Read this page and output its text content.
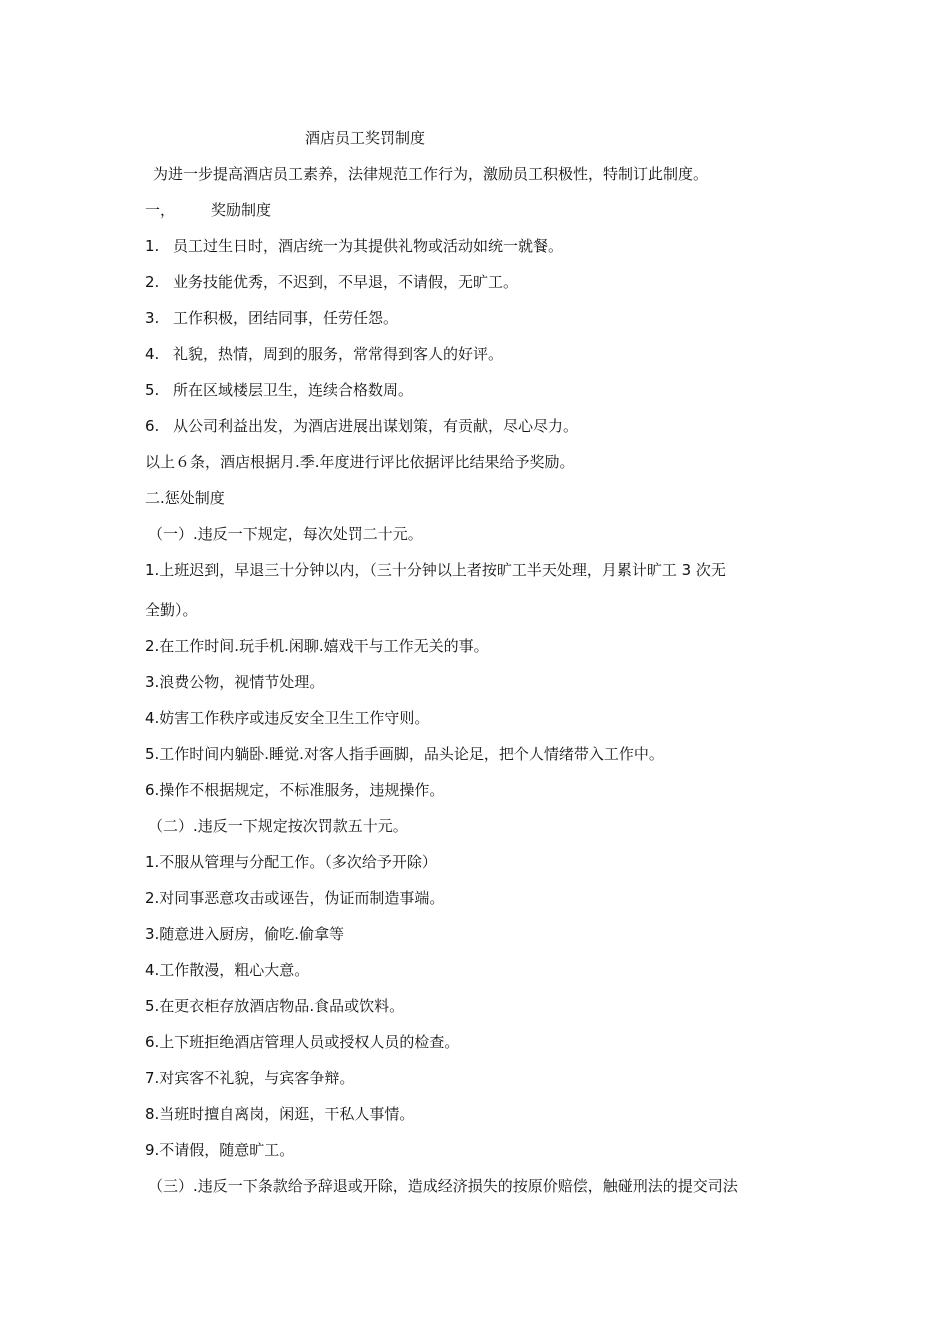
酒店员工奖罚制度
为进一步提高酒店员工素养，法律规范工作行为，激励员工积极性，特制订此制度。
一， 奖励制度
1. 员工过生日时，酒店统一为其提供礼物或活动如统一就餐。
2. 业务技能优秀，不迟到，不早退，不请假，无旷工。
3. 工作积极，团结同事，任劳任怨。
4. 礼貌，热情，周到的服务，常常得到客人的好评。
5. 所在区域楼层卫生，连续合格数周。
6. 从公司利益出发，为酒店进展出谋划策，有贡献，尽心尽力。
以上６条，酒店根据月.季.年度进行评比依据评比结果给予奖励。
二.惩处制度
（一）.违反一下规定，每次处罚二十元。
1.上班迟到，早退三十分钟以内，（三十分钟以上者按旷工半天处理，月累计旷工 3 次无
全勤）。
2.在工作时间.玩手机.闲聊.嬉戏干与工作无关的事。
3.浪费公物，视情节处理。
4.妨害工作秩序或违反安全卫生工作守则。
5.工作时间内躺卧.睡觉.对客人指手画脚，品头论足，把个人情绪带入工作中。
6.操作不根据规定，不标准服务，违规操作。
（二）.违反一下规定按次罚款五十元。
1.不服从管理与分配工作。（多次给予开除）
2.对同事恶意攻击或诬告，伪证而制造事端。
3.随意进入厨房，偷吃.偷拿等
4.工作散漫，粗心大意。
5.在更衣柜存放酒店物品.食品或饮料。
6.上下班拒绝酒店管理人员或授权人员的检查。
7.对宾客不礼貌，与宾客争辩。
8.当班时擅自离岗，闲逛，干私人事情。
9.不请假，随意旷工。
（三）.违反一下条款给予辞退或开除，造成经济损失的按原价赔偿，触碰刑法的提交司法
